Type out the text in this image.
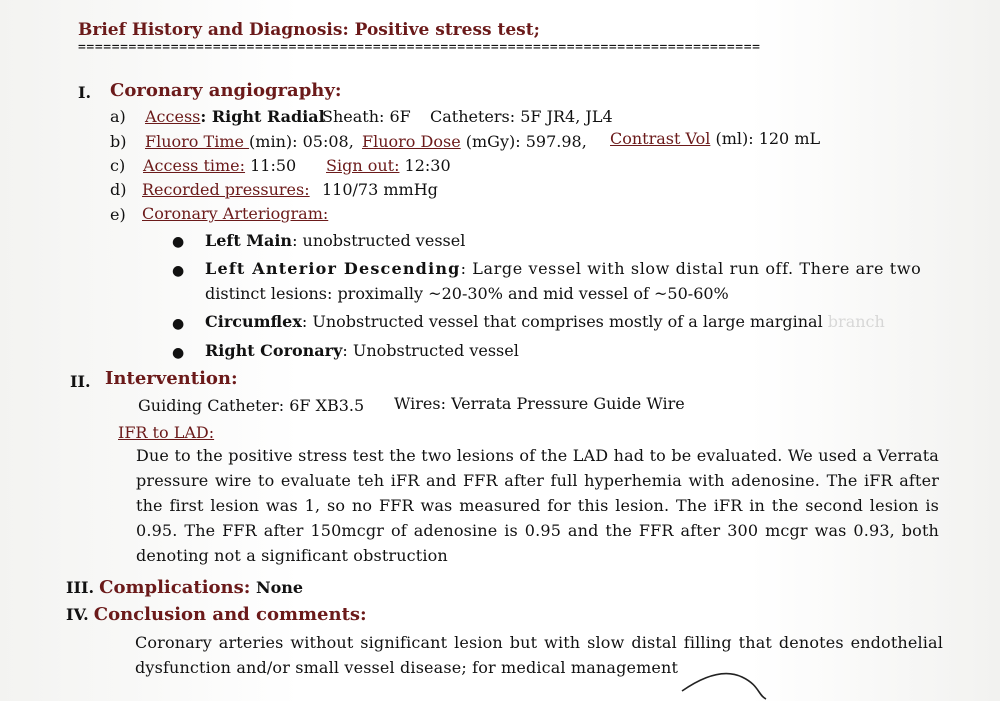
Brief History and Diagnosis: Positive stress test;
=================================================================================
I. Coronary angiography:
a) Access: Right Radial
Sheath: 6F Catheters: 5F JR4, JL4
b) Fluoro Time (min): 05:08, Fluoro Dose (mGy): 597.98, Contrast Vol (ml): 120 mL
c) Access time: 11:50 Sign out: 12:30
d) Recorded pressures: 110/73 mmHg
e) Coronary Arteriogram:
● Left Main: unobstructed vessel
● Left Anterior Descending: Large vessel with slow distal run off. There are two
distinct lesions: proximally ~20-30% and mid vessel of ~50-60%
● Circumflex: Unobstructed vessel that comprises mostly of a large marginal branch
● Right Coronary: Unobstructed vessel
II. Intervention:
Guiding Catheter: 6F XB3.5 Wires: Verrata Pressure Guide Wire
IFR to LAD:
Due to the positive stress test the two lesions of the LAD had to be evaluated. We used a Verrata pressure wire to evaluate teh iFR and FFR after full hyperhemia with adenosine. The iFR after the first lesion was 1, so no FFR was measured for this lesion. The iFR in the second lesion is 0.95. The FFR after 150mcgr of adenosine is 0.95 and the FFR after 300 mcgr was 0.93, both denoting not a significant obstruction
III. Complications: None
IV. Conclusion and comments:
Coronary arteries without significant lesion but with slow distal filling that denotes endothelial dysfunction and/or small vessel disease; for medical management
